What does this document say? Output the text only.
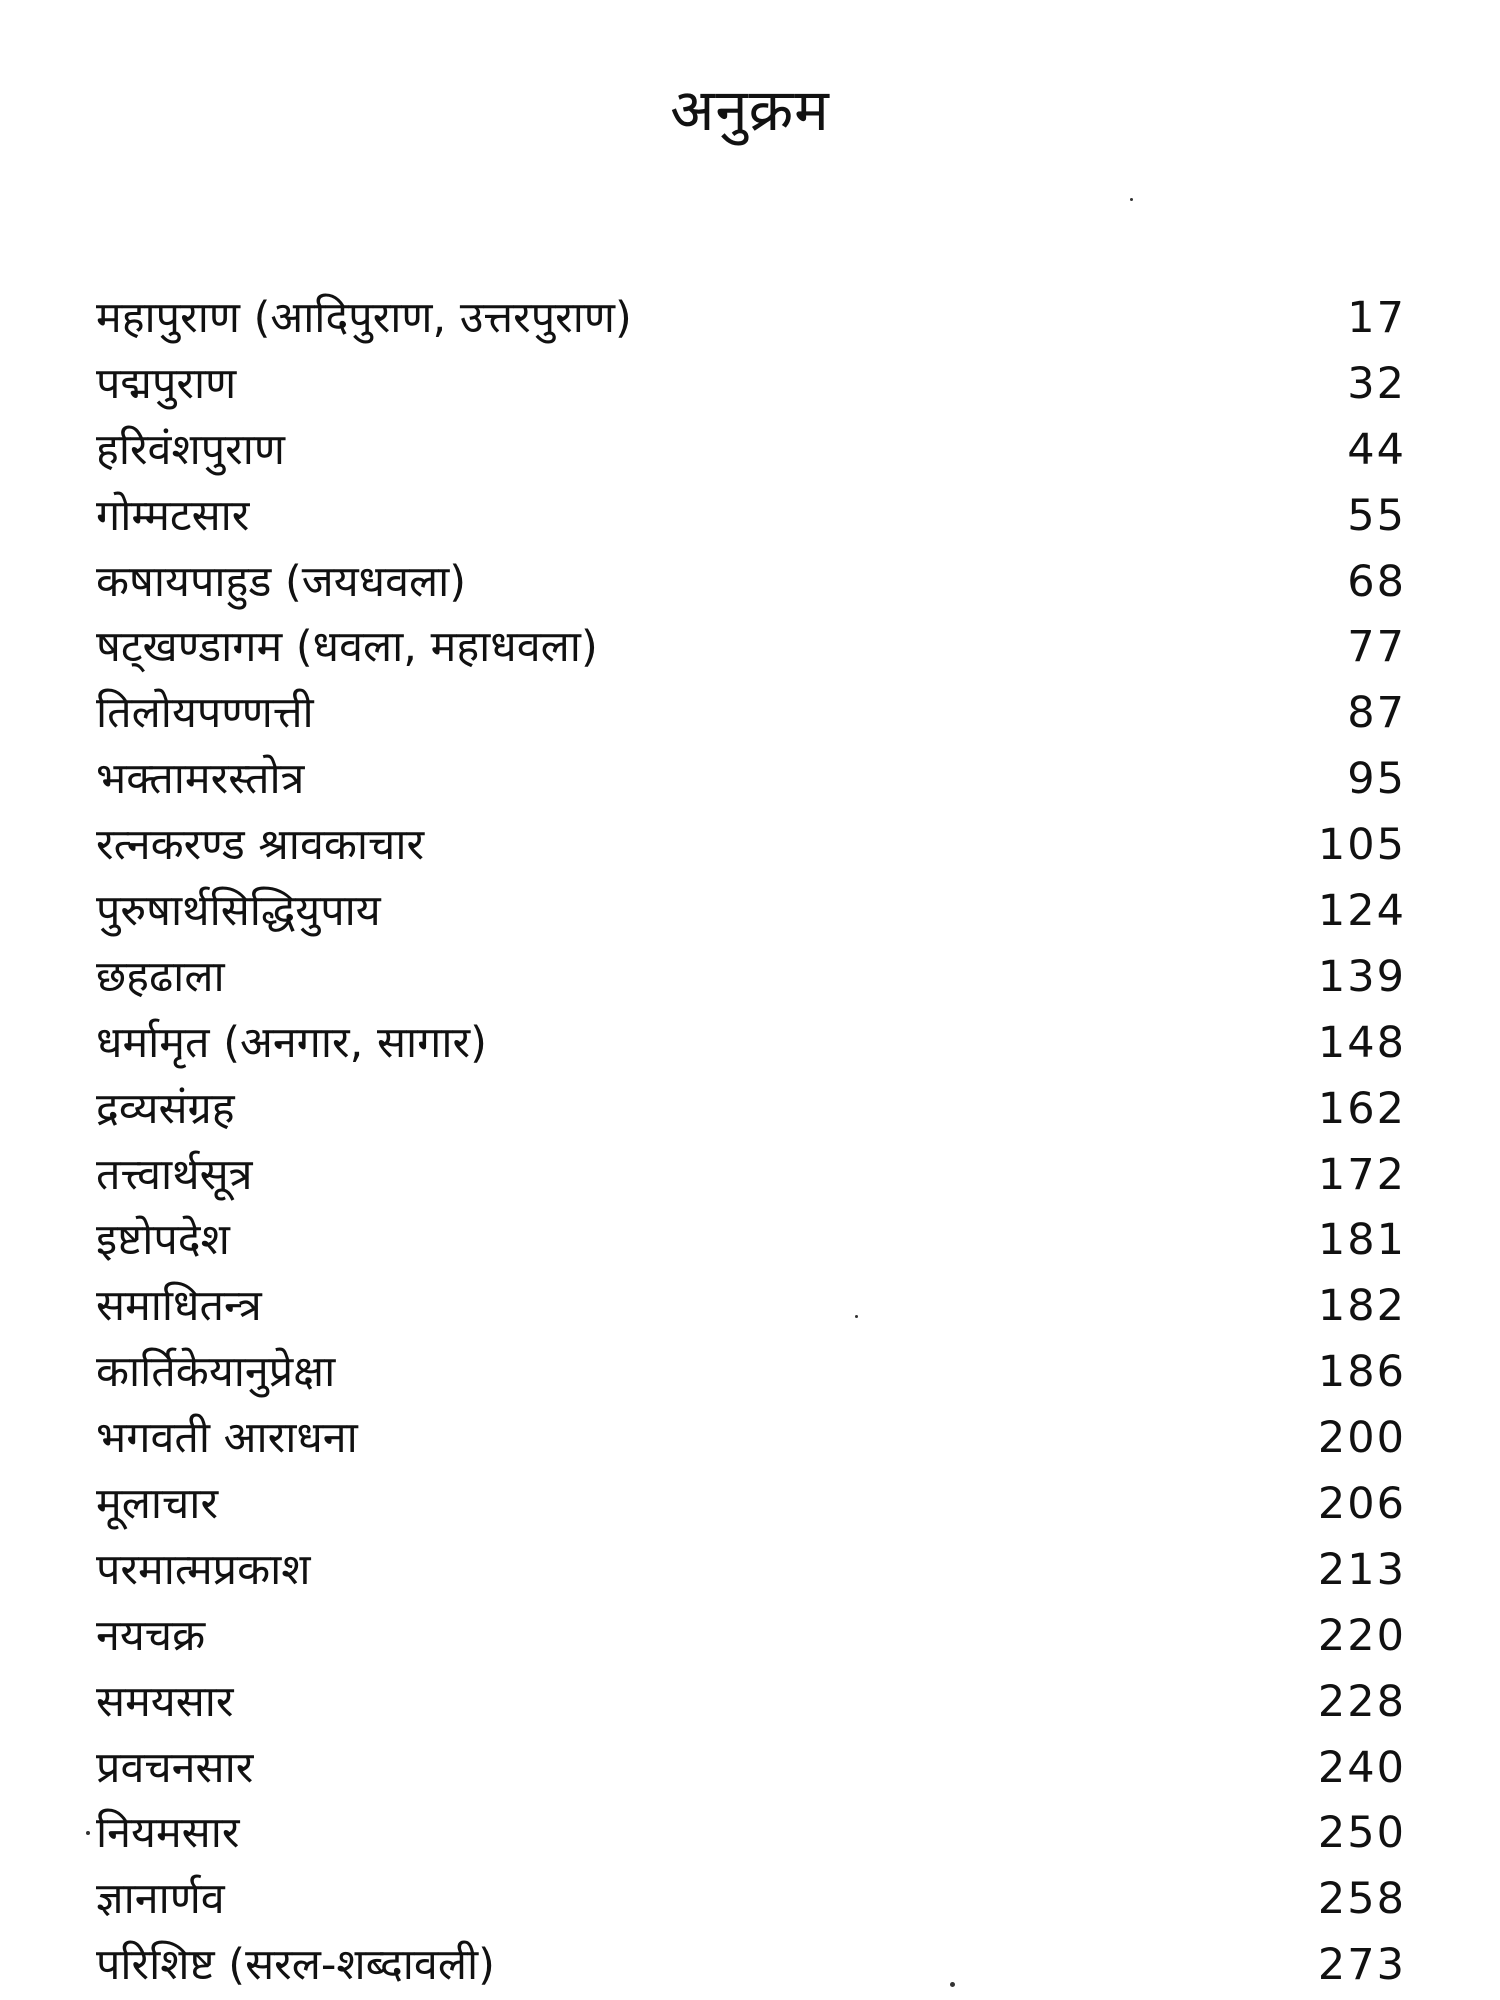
अनुक्रम
महापुराण (आदिपुराण, उत्तरपुराण)	17
पद्मपुराण	32
हरिवंशपुराण	44
गोम्मटसार	55
कषायपाहुड (जयधवला)	68
षट्खण्डागम (धवला, महाधवला)	77
तिलोयपण्णत्ती	87
भक्तामरस्तोत्र	95
रत्नकरण्ड श्रावकाचार	105
पुरुषार्थसिद्धियुपाय	124
छहढाला	139
धर्मामृत (अनगार, सागार)	148
द्रव्यसंग्रह	162
तत्त्वार्थसूत्र	172
इष्टोपदेश	181
समाधितन्त्र	182
कार्तिकेयानुप्रेक्षा	186
भगवती आराधना	200
मूलाचार	206
परमात्मप्रकाश	213
नयचक्र	220
समयसार	228
प्रवचनसार	240
नियमसार	250
ज्ञानार्णव	258
परिशिष्ट (सरल-शब्दावली)	273
